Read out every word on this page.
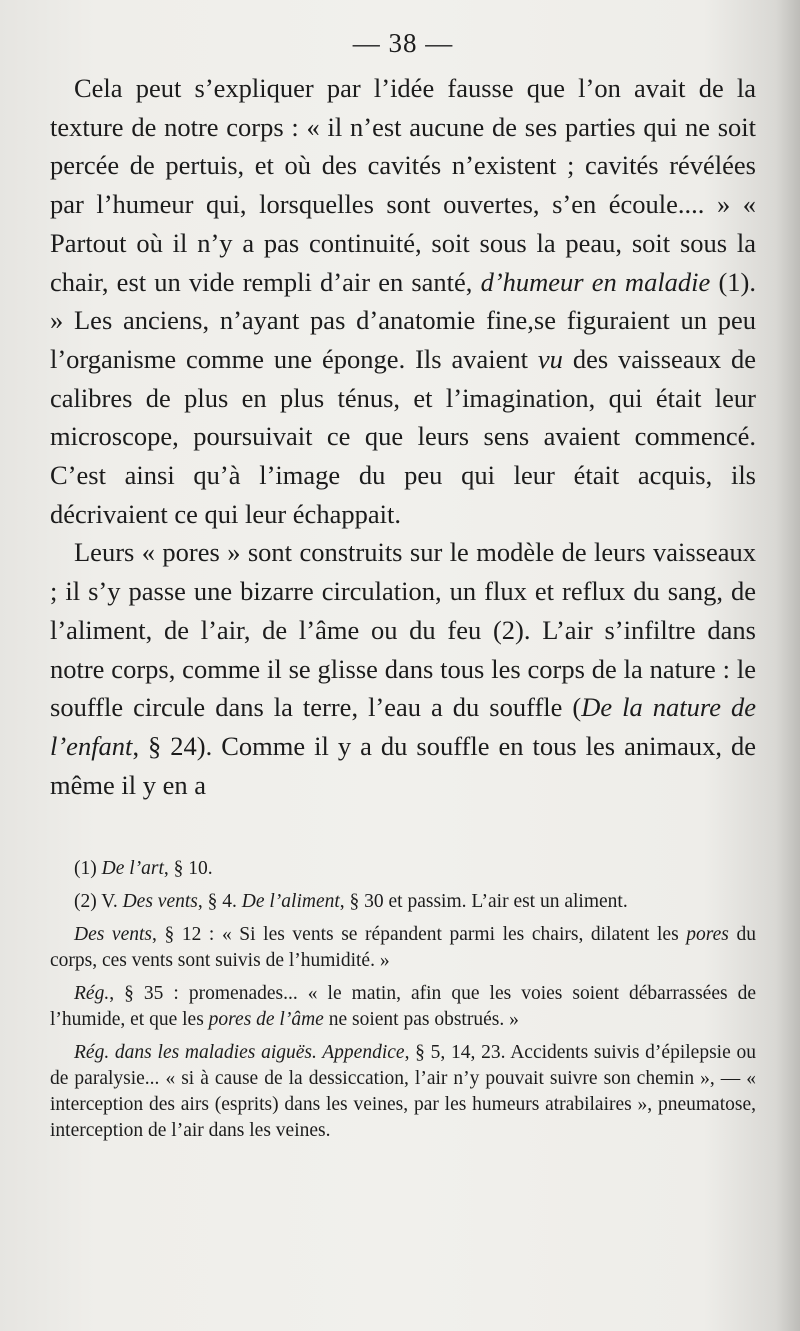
— 38 —

Cela peut s’expliquer par l’idée fausse que l’on avait de la texture de notre corps : « il n’est aucune de ses parties qui ne soit percée de pertuis, et où des cavités n’existent ; cavités révélées par l’humeur qui, lorsquelles sont ouvertes, s’en écoule.... » « Partout où il n’y a pas continuité, soit sous la peau, soit sous la chair, est un vide rempli d’air en santé, d’humeur en maladie (1). » Les anciens, n’ayant pas d’anatomie fine,se figuraient un peu l’organisme comme une éponge. Ils avaient vu des vaisseaux de calibres de plus en plus ténus, et l’imagination, qui était leur microscope, poursuivait ce que leurs sens avaient commencé. C’est ainsi qu’à l’image du peu qui leur était acquis, ils décrivaient ce qui leur échappait.

Leurs « pores » sont construits sur le modèle de leurs vaisseaux ; il s’y passe une bizarre circulation, un flux et reflux du sang, de l’aliment, de l’air, de l’âme ou du feu (2). L’air s’infiltre dans notre corps, comme il se glisse dans tous les corps de la nature : le souffle circule dans la terre, l’eau a du souffle (De la nature de l’enfant, § 24). Comme il y a du souffle en tous les animaux, de même il y en a

(1) De l’art, § 10.

(2) V. Des vents, § 4. De l’aliment, § 30 et passim. L’air est un aliment.

Des vents, § 12 : « Si les vents se répandent parmi les chairs, dilatent les pores du corps, ces vents sont suivis de l’humidité. »

Rég., § 35 : promenades... « le matin, afin que les voies soient débarrassées de l’humide, et que les pores de l’âme ne soient pas obstrués. »

Rég. dans les maladies aiguës. Appendice, § 5, 14, 23. Accidents suivis d’épilepsie ou de paralysie... « si à cause de la dessiccation, l’air n’y pouvait suivre son chemin », — « interception des airs (esprits) dans les veines, par les humeurs atrabilaires », pneumatose, interception de l’air dans les veines.
